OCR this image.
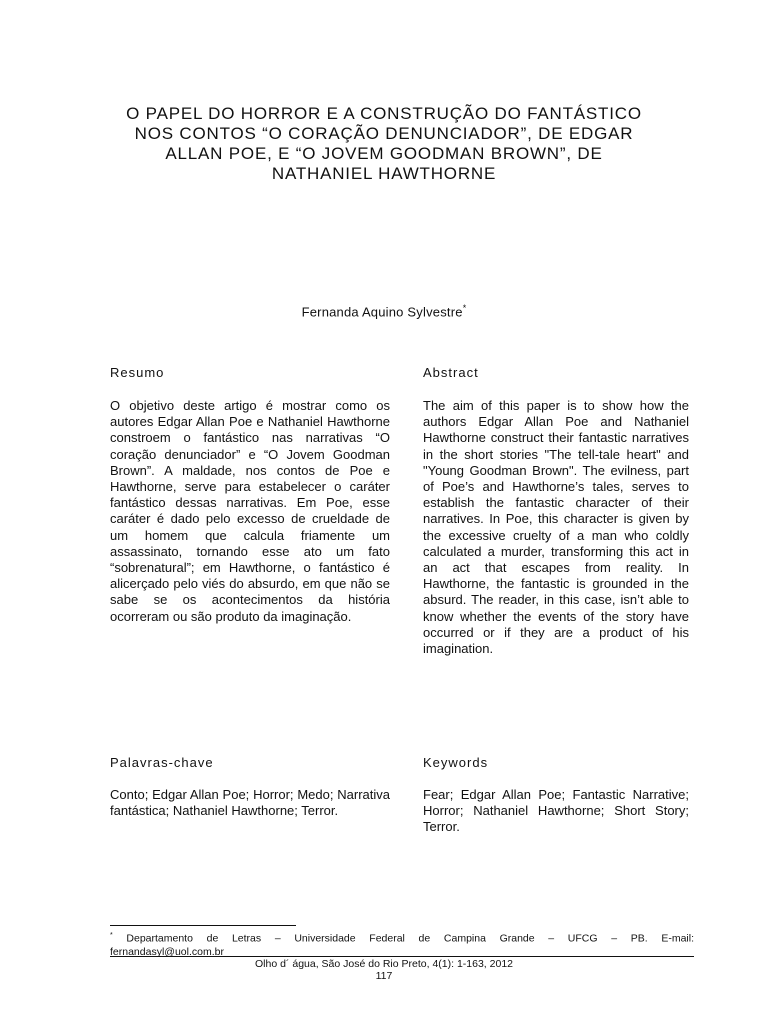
O PAPEL DO HORROR E A CONSTRUÇÃO DO FANTÁSTICO
NOS CONTOS “O CORAÇÃO DENUNCIADOR”, DE EDGAR
ALLAN POE, E “O JOVEM GOODMAN BROWN”, DE
NATHANIEL HAWTHORNE
Fernanda Aquino Sylvestre*
Resumo	Abstract

O objetivo deste artigo é mostrar como os autores Edgar Allan Poe e Nathaniel Hawthorne constroem o fantástico nas narrativas “O coração denunciador” e “O Jovem Goodman Brown”. A maldade, nos contos de Poe e Hawthorne, serve para estabelecer o caráter fantástico dessas narrativas. Em Poe, esse caráter é dado pelo excesso de crueldade de um homem que calcula friamente um assassinato, tornando esse ato um fato “sobrenatural”; em Hawthorne, o fantástico é alicerçado pelo viés do absurdo, em que não se sabe se os acontecimentos da história ocorreram ou são produto da imaginação.

The aim of this paper is to show how the authors Edgar Allan Poe and Nathaniel Hawthorne construct their fantastic narratives in the short stories "The tell-tale heart" and "Young Goodman Brown". The evilness, part of Poe’s and Hawthorne’s tales, serves to establish the fantastic character of their narratives. In Poe, this character is given by the excessive cruelty of a man who coldly calculated a murder, transforming this act in an act that escapes from reality. In Hawthorne, the fantastic is grounded in the absurd. The reader, in this case, isn’t able to know whether the events of the story have occurred or if they are a product of his imagination.

Palavras-chave	Keywords

Conto; Edgar Allan Poe; Horror; Medo; Narrativa fantástica; Nathaniel Hawthorne; Terror.

Fear; Edgar Allan Poe; Fantastic Narrative; Horror; Nathaniel Hawthorne; Short Story; Terror.

* Departamento de Letras – Universidade Federal de Campina Grande – UFCG – PB. E-mail:
fernandasyl@uol.com.br
Olho d´ água, São José do Rio Preto, 4(1): 1-163, 2012
117
